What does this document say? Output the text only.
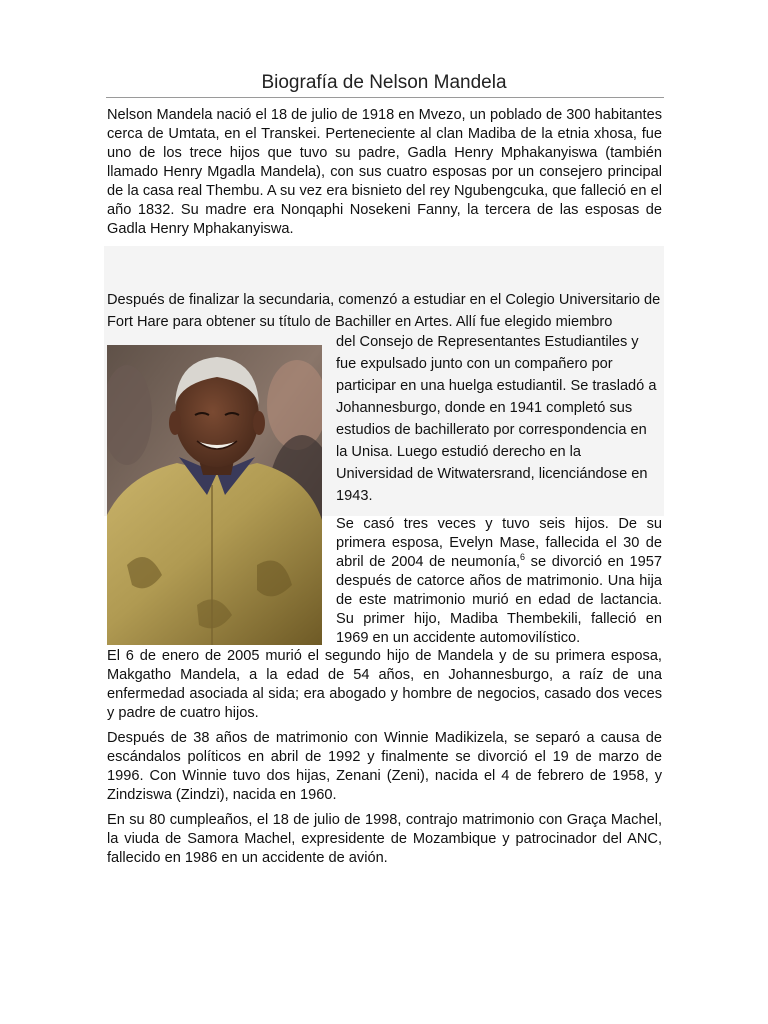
Biografía de Nelson Mandela
Nelson Mandela nació el 18 de julio de 1918 en Mvezo, un poblado de 300 habitantes cerca de Umtata, en el Transkei. Perteneciente al clan Madiba de la etnia xhosa, fue uno de los trece hijos que tuvo su padre, Gadla Henry Mphakanyiswa (también llamado Henry Mgadla Mandela), con sus cuatro esposas por un consejero principal de la casa real Thembu. A su vez era bisnieto del rey Ngubengcuka, que falleció en el año 1832. Su madre era Nonqaphi Nosekeni Fanny, la tercera de las esposas de Gadla Henry Mphakanyiswa.
Después de finalizar la secundaria, comenzó a estudiar en el Colegio Universitario de Fort Hare para obtener su título de Bachiller en Artes. Allí fue elegido miembro
del Consejo de Representantes Estudiantiles y fue expulsado junto con un compañero por participar en una huelga estudiantil. Se trasladó a Johannesburgo, donde en 1941 completó sus estudios de bachillerato por correspondencia en la Unisa. Luego estudió derecho en la Universidad de Witwatersrand, licenciándose en 1943.
Se casó tres veces y tuvo seis hijos. De su primera esposa, Evelyn Mase, fallecida el 30 de abril de 2004 de neumonía,$^6$ se divorció en 1957 después de catorce años de matrimonio. Una hija de este matrimonio murió en edad de lactancia. Su primer hijo, Madiba Thembekili, falleció en 1969 en un accidente automovilístico.
El 6 de enero de 2005 murió el segundo hijo de Mandela y de su primera esposa, Makgatho Mandela, a la edad de 54 años, en Johannesburgo, a raíz de una enfermedad asociada al sida; era abogado y hombre de negocios, casado dos veces y padre de cuatro hijos.
Después de 38 años de matrimonio con Winnie Madikizela, se separó a causa de escándalos políticos en abril de 1992 y finalmente se divorció el 19 de marzo de 1996. Con Winnie tuvo dos hijas, Zenani (Zeni), nacida el 4 de febrero de 1958, y Zindziswa (Zindzi), nacida en 1960.
En su 80 cumpleaños, el 18 de julio de 1998, contrajo matrimonio con Graça Machel, la viuda de Samora Machel, expresidente de Mozambique y patrocinador del ANC, fallecido en 1986 en un accidente de avión.
